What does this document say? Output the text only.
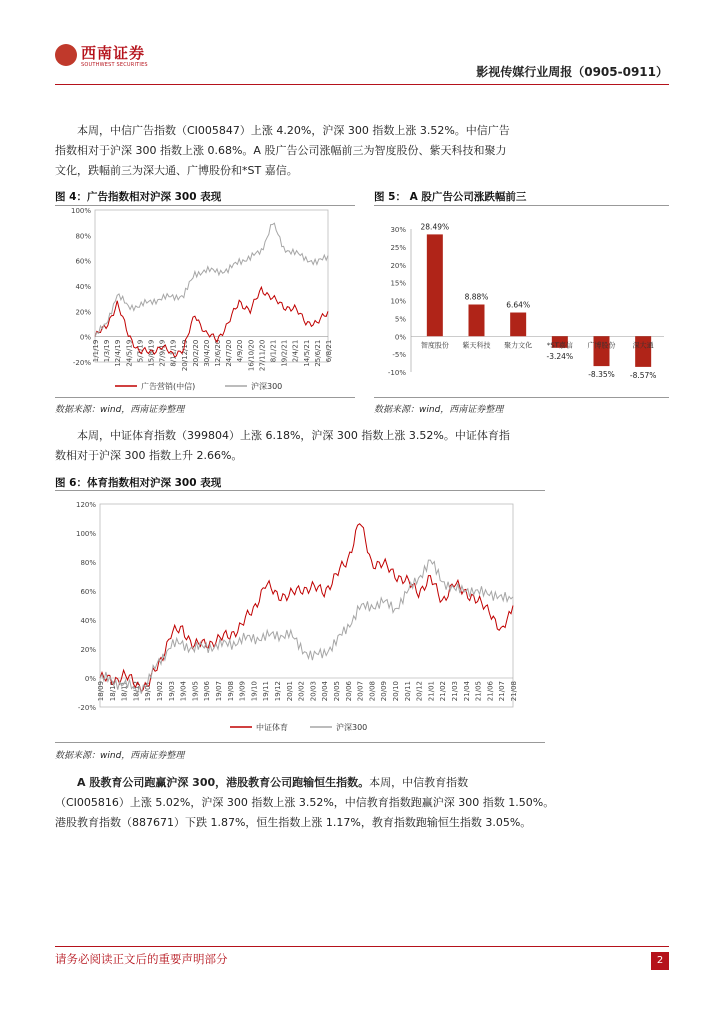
西南证券
SOUTHWEST SECURITIES	影视传媒行业周报（0905-0911）

本周，中信广告指数（CI005847）上涨 4.20%，沪深 300 指数上涨 3.52%。中信广告

指数相对于沪深 300 指数上涨 0.68%。A 股广告公司涨幅前三为智度股份、紫天科技和聚力

文化，跌幅前三为深大通、广博股份和*ST 嘉信。

图 4：广告指数相对沪深 300 表现
100%
80%
60%
40%
20%
0%
-20%
1/1/19 1/3/19 12/4/19 24/5/19 5/7/19 15/8/19 27/9/19 8/11/19 20/12/19 20/2/20 30/4/20 12/6/20 24/7/20 4/9/20 16/10/20 27/11/20 8/1/21 19/2/21 2/4/21 14/5/21 25/6/21 6/8/21
广告营销(中信)	沪深300
数据来源：wind，西南证券整理
图 5： A 股广告公司涨跌幅前三
30%
25%
20%
15%
10%
5%
0%
-5%
-10%
28.49%
智度股份
8.88%
紫天科技
6.64%
聚力文化
-3.24%
*ST嘉信
-8.35%
广博股份
-8.57%
深大通
数据来源：wind，西南证券整理

本周，中证体育指数（399804）上涨 6.18%，沪深 300 指数上涨 3.52%。中证体育指

数相对于沪深 300 指数上升 2.66%。

图 6：体育指数相对沪深 300 表现
120%
100%
80%
60%
40%
20%
0%
-20%
18/09 18/10 18/11 18/12 19/01 19/02 19/03 19/04 19/05 19/06 19/07 19/08 19/09 19/10 19/11 19/12 20/01 20/02 20/03 20/04 20/05 20/06 20/07 20/08 20/09 20/10 20/11 20/12 21/01 21/02 21/03 21/04 21/05 21/06 21/07 21/08
中证体育	沪深300
数据来源：wind，西南证券整理

A 股教育公司跑赢沪深 300，港股教育公司跑输恒生指数。本周，中信教育指数

（CI005816）上涨 5.02%，沪深 300 指数上涨 3.52%，中信教育指数跑赢沪深 300 指数 1.50%。

港股教育指数（887671）下跌 1.87%，恒生指数上涨 1.17%，教育指数跑输恒生指数 3.05%。

请务必阅读正文后的重要声明部分	2
